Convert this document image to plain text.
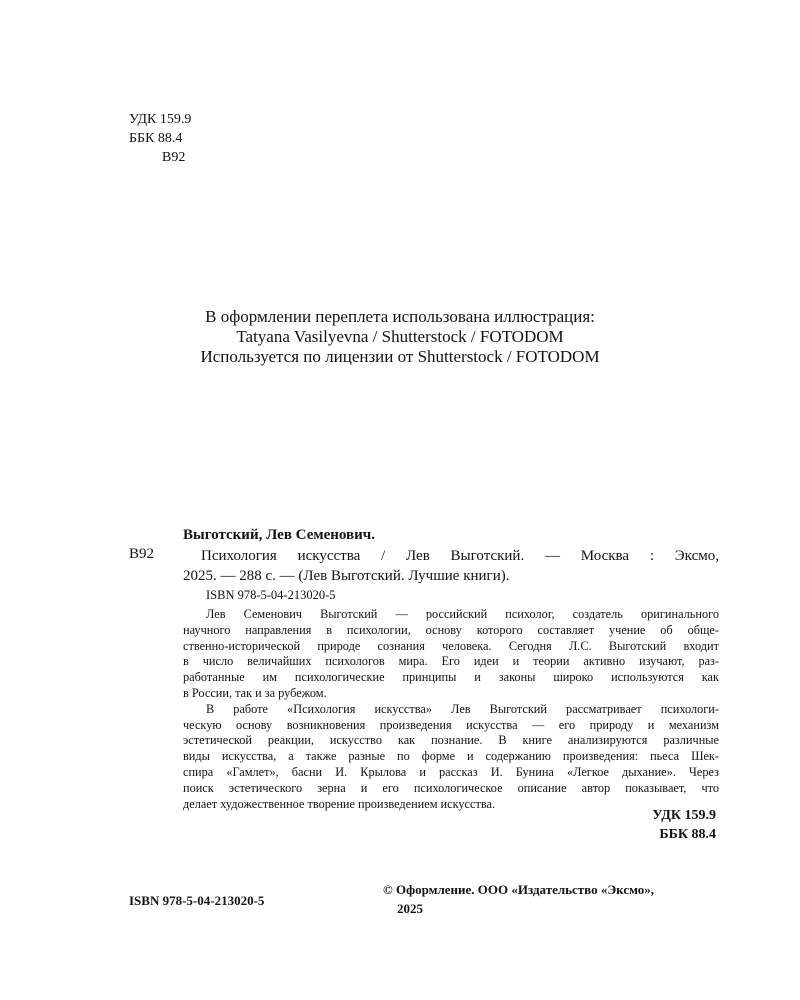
УДК 159.9
ББК 88.4
В92
В оформлении переплета использована иллюстрация:
Tatyana Vasilyevna / Shutterstock / FOTODOM
Используется по лицензии от Shutterstock / FOTODOM
Выготский, Лев Семенович.
В92	Психология искусства / Лев Выготский. — Москва : Эксмо,
2025. — 288 с. — (Лев Выготский. Лучшие книги).
ISBN 978-5-04-213020-5
Лев Семенович Выготский — российский психолог, создатель оригинального
научного направления в психологии, основу которого составляет учение об обще-
ственно-исторической природе сознания человека. Сегодня Л.С. Выготский входит
в число величайших психологов мира. Его идеи и теории активно изучают, раз-
работанные им психологические принципы и законы широко используются как
в России, так и за рубежом.
В работе «Психология искусства» Лев Выготский рассматривает психологи-
ческую основу возникновения произведения искусства — его природу и механизм
эстетической реакции, искусство как познание. В книге анализируются различные
виды искусства, а также разные по форме и содержанию произведения: пьеса Шек-
спира «Гамлет», басни И. Крылова и рассказ И. Бунина «Легкое дыхание». Через
поиск эстетического зерна и его психологическое описание автор показывает, что
делает художественное творение произведением искусства.
УДК 159.9
ББК 88.4
ISBN 978-5-04-213020-5
© Оформление. ООО «Издательство «Эксмо»,
2025
